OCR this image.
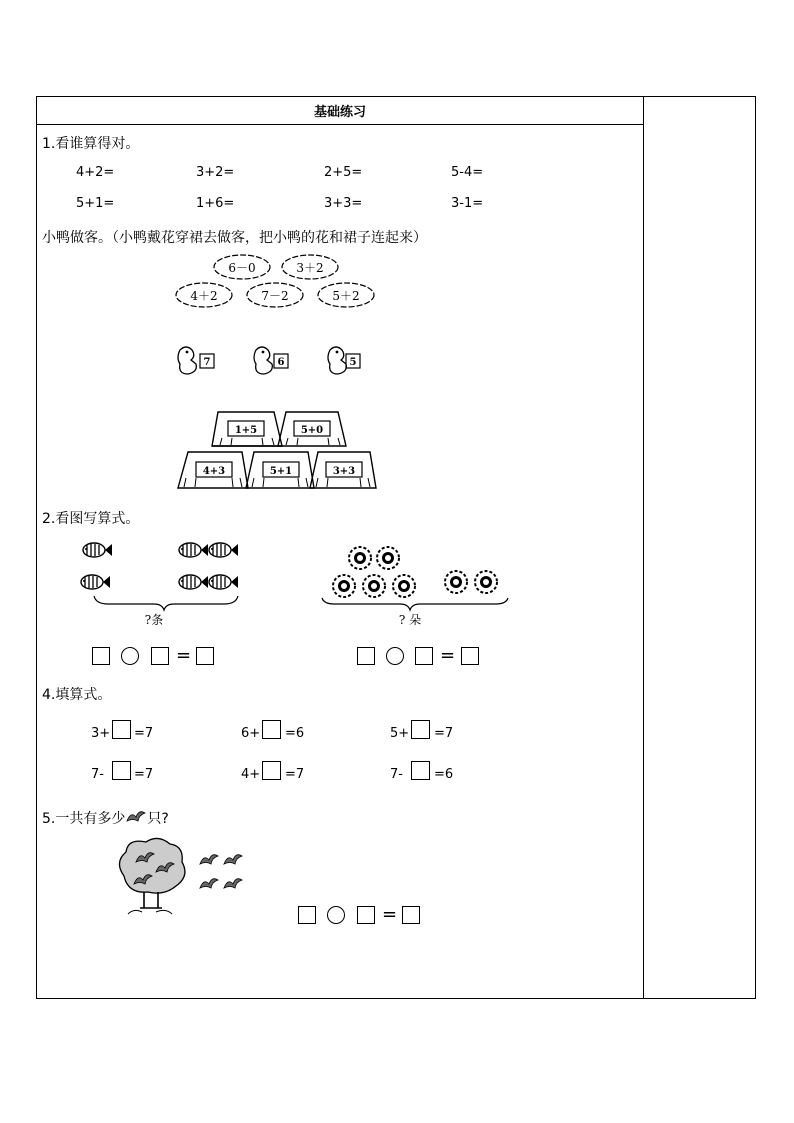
基础练习
1.看谁算得对。
4+2=	3+2=	2+5=	5-4=
5+1=	1+6=	3+3=	3-1=
小鸭做客。（小鸭戴花穿裙去做客，把小鸭的花和裙子连起来）
6－0	3＋2
4＋2	7－2	5＋2
7	6	5
1+5	5+0
4+3	5+1	3+3
2.看图写算式。
?条	? 朵
=	=
4.填算式。
3+ =7	6+ =6	5+ =7
7- =7	4+ =7	7- =6
5.一共有多少 只?
=
